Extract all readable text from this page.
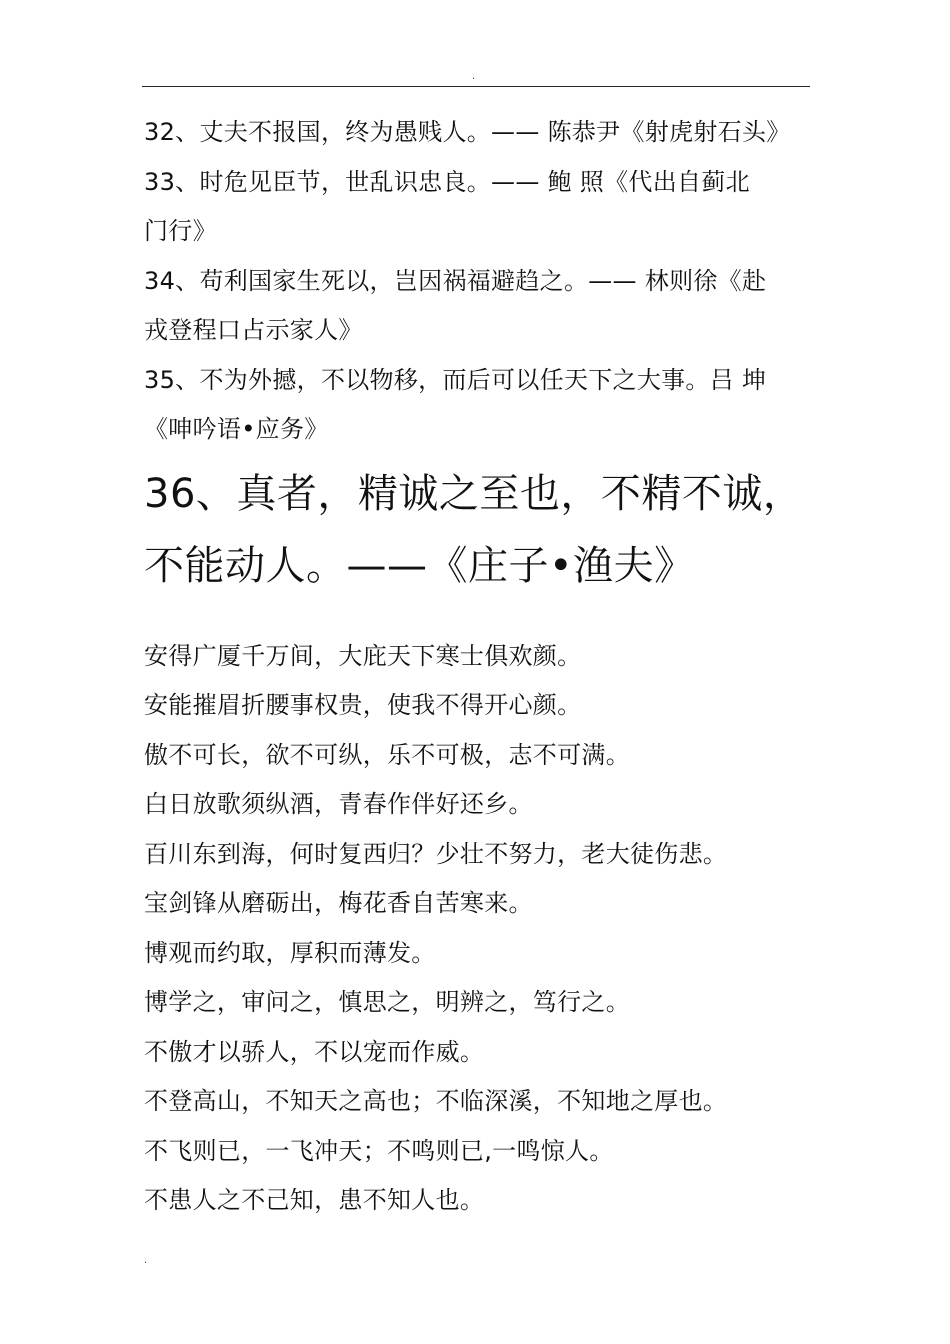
.
32、丈夫不报国，终为愚贱人。—— 陈恭尹《射虎射石头》
33、时危见臣节，世乱识忠良。—— 鲍 照《代出自蓟北
门行》
34、苟利国家生死以，岂因祸福避趋之。—— 林则徐《赴
戎登程口占示家人》
35、不为外撼，不以物移，而后可以任天下之大事。吕 坤
《呻吟语•应务》
36、真者，精诚之至也，不精不诚，
不能动人。——《庄子•渔夫》
安得广厦千万间，大庇天下寒士俱欢颜。
安能摧眉折腰事权贵，使我不得开心颜。
傲不可长，欲不可纵，乐不可极，志不可满。
白日放歌须纵酒，青春作伴好还乡。
百川东到海，何时复西归？少壮不努力，老大徒伤悲。
宝剑锋从磨砺出，梅花香自苦寒来。
博观而约取，厚积而薄发。
博学之，审问之，慎思之，明辨之，笃行之。
不傲才以骄人，不以宠而作威。
不登高山，不知天之高也；不临深溪，不知地之厚也。
不飞则已，一飞冲天；不鸣则已,一鸣惊人。
不患人之不己知，患不知人也。
.
